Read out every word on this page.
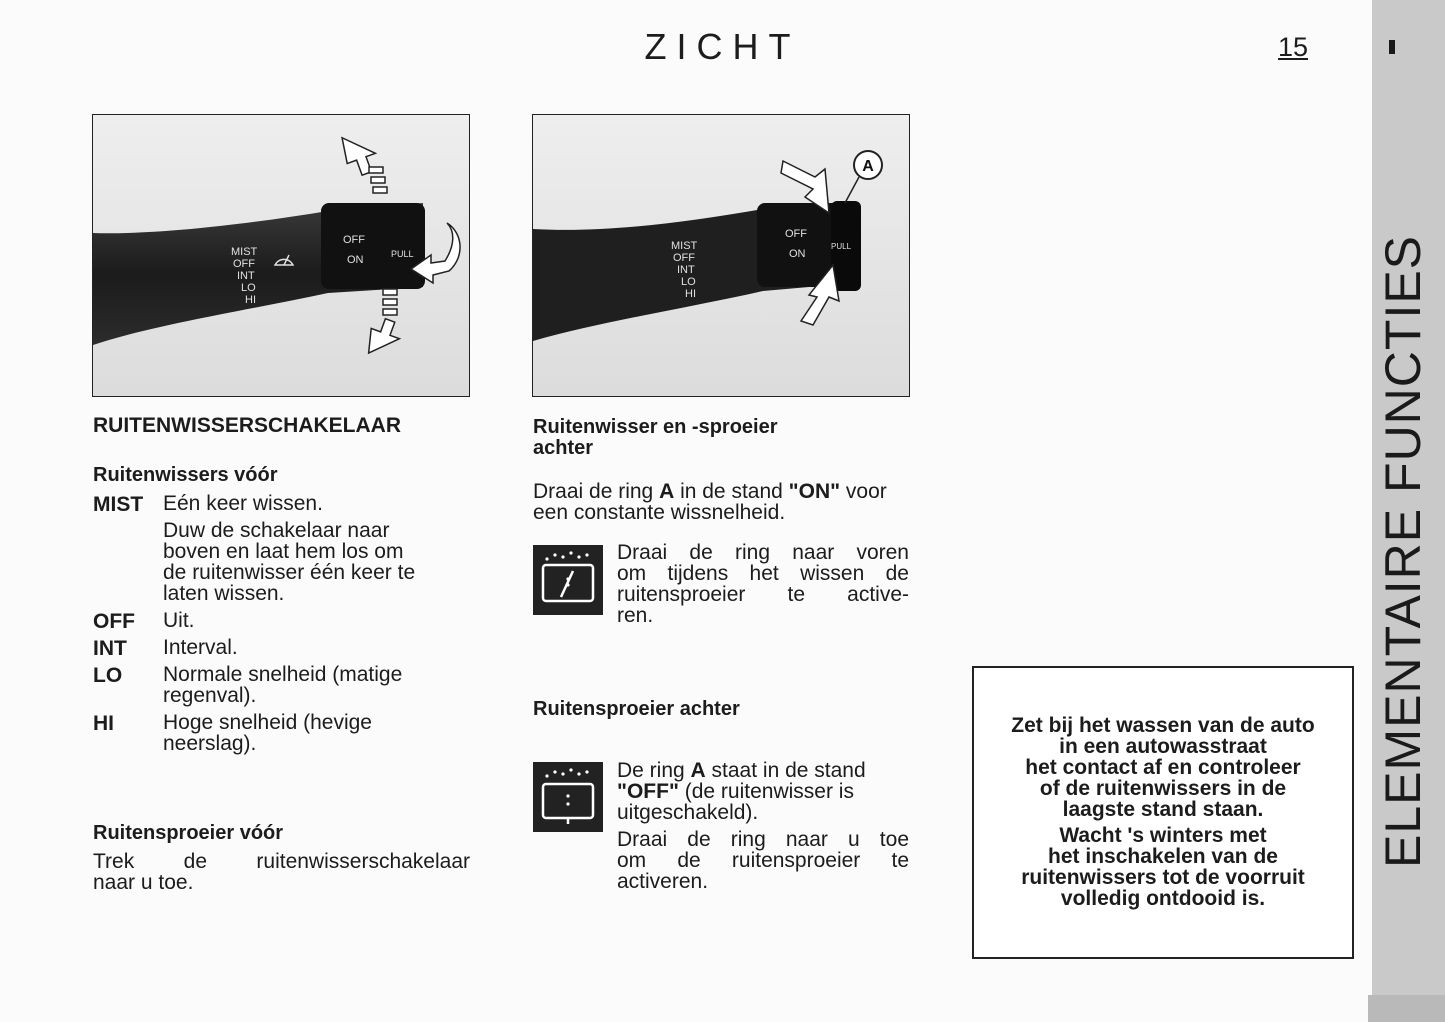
ZICHT	15
ELEMENTAIRE FUNCTIES
MIST
OFF
INT
LO
HI
OFF
ON	PULL
MIST
OFF
INT
LO
HI
OFF
ON
PULL
A
RUITENWISSERSCHAKELAAR
Ruitenwissers vóór
MIST Eén keer wissen.
Duw de schakelaar naar
boven en laat hem los om
de ruitenwisser één keer te
laten wissen.
OFF Uit.
INT Interval.
LO Normale snelheid (matige
regenval).
HI Hoge snelheid (hevige
neerslag).
Ruitensproeier vóór
Trek de ruitenwisserschakelaar
naar u toe.
Ruitenwisser en -sproeier
achter
Draai de ring A in de stand "ON" voor een constante wissnelheid.
Draai de ring naar voren
om tijdens het wissen de
ruitensproeier te active-
ren.
Ruitensproeier achter
De ring A staat in de stand "OFF" (de ruitenwisser is uitgeschakeld).
Draai de ring naar u toe
om de ruitensproeier te
activeren.

Zet bij het wassen van de auto

in een autowasstraat

het contact af en controleer

of de ruitenwissers in de

laagste stand staan.

Wacht 's winters met

het inschakelen van de

ruitenwissers tot de voorruit

volledig ontdooid is.
